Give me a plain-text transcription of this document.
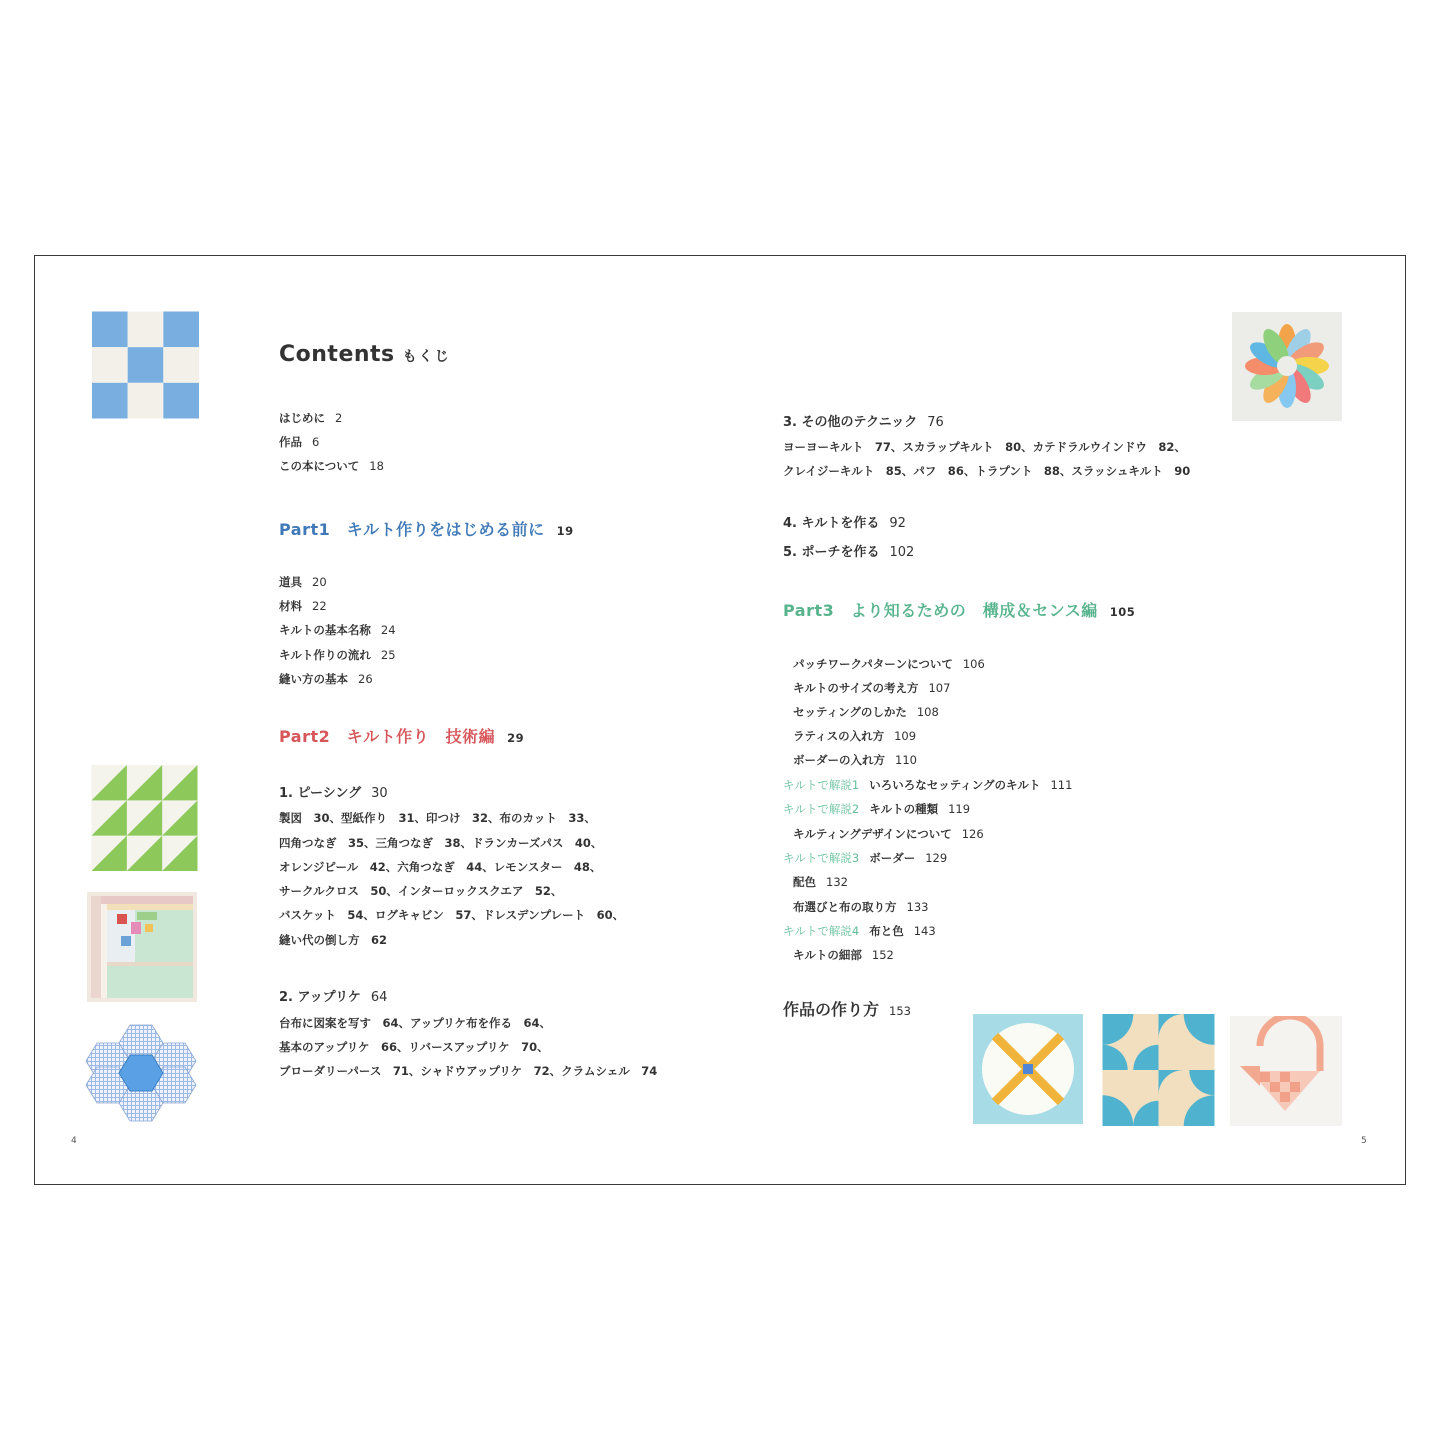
Contents もくじ
はじめに 2
作品 6
この本について 18
Part1　キルト作りをはじめる前に 19
道具 20
材料 22
キルトの基本名称 24
キルト作りの流れ 25
縫い方の基本 26
Part2　キルト作り　技術編 29
1. ピーシング 30
製図　30、型紙作り　31、印つけ　32、布のカット　33、
四角つなぎ　35、三角つなぎ　38、ドランカーズパス　40、
オレンジピール　42、六角つなぎ　44、レモンスター　48、
サークルクロス　50、インターロックスクエア　52、
バスケット　54、ログキャビン　57、ドレスデンプレート　60、
縫い代の倒し方　62
2. アップリケ 64
台布に図案を写す　64、アップリケ布を作る　64、
基本のアップリケ　66、リバースアップリケ　70、
ブローダリーパース　71、シャドウアップリケ　72、クラムシェル　74
4
3. その他のテクニック 76
ヨーヨーキルト　77、スカラップキルト　80、カテドラルウインドウ　82、
クレイジーキルト　85、パフ　86、トラプント　88、スラッシュキルト　90
4. キルトを作る 92
5. ポーチを作る 102
Part3　より知るための　構成＆センス編 105
パッチワークパターンについて 106
キルトのサイズの考え方 107
セッティングのしかた 108
ラティスの入れ方 109
ボーダーの入れ方 110
キルトで解説1 いろいろなセッティングのキルト 111
キルトで解説2 キルトの種類 119
キルティングデザインについて 126
キルトで解説3 ボーダー 129
配色 132
布選びと布の取り方 133
キルトで解説4 布と色 143
キルトの細部 152
作品の作り方 153
5
